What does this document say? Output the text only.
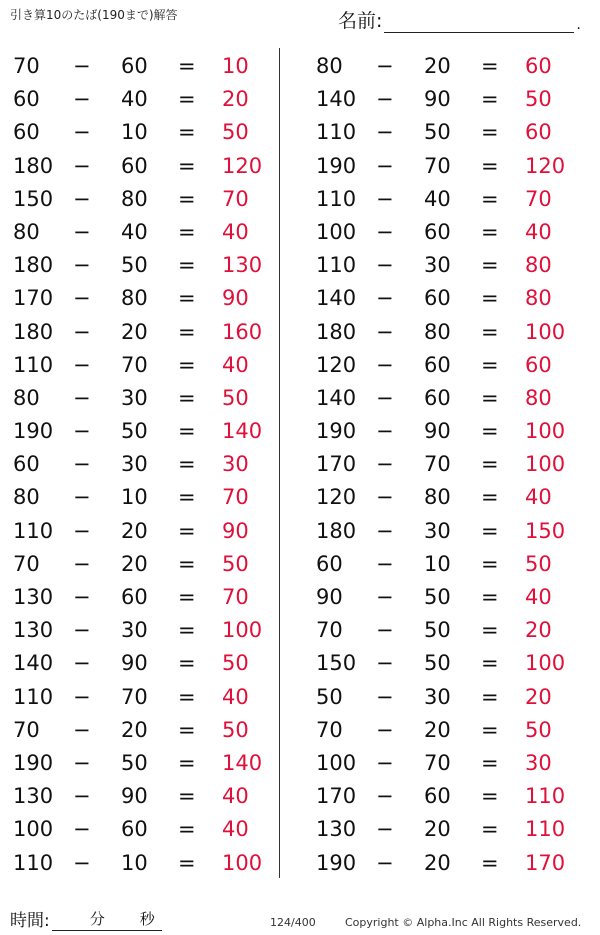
引き算10のたば(190まで)解答	名前:	.
70 − 60 = 10
60 − 40 = 20
60 − 10 = 50
180 − 60 = 120
150 − 80 = 70
80 − 40 = 40
180 − 50 = 130
170 − 80 = 90
180 − 20 = 160
110 − 70 = 40
80 − 30 = 50
190 − 50 = 140
60 − 30 = 30
80 − 10 = 70
110 − 20 = 90
70 − 20 = 50
130 − 60 = 70
130 − 30 = 100
140 − 90 = 50
110 − 70 = 40
70 − 20 = 50
190 − 50 = 140
130 − 90 = 40
100 − 60 = 40
110 − 10 = 100
80 − 20 = 60
140 − 90 = 50
110 − 50 = 60
190 − 70 = 120
110 − 40 = 70
100 − 60 = 40
110 − 30 = 80
140 − 60 = 80
180 − 80 = 100
120 − 60 = 60
140 − 60 = 80
190 − 90 = 100
170 − 70 = 100
120 − 80 = 40
180 − 30 = 150
60 − 10 = 50
90 − 50 = 40
70 − 50 = 20
150 − 50 = 100
50 − 30 = 20
70 − 20 = 50
100 − 70 = 30
170 − 60 = 110
130 − 20 = 110
190 − 20 = 170
時間:	分 秒	124/400	Copyright © Alpha.Inc All Rights Reserved.
